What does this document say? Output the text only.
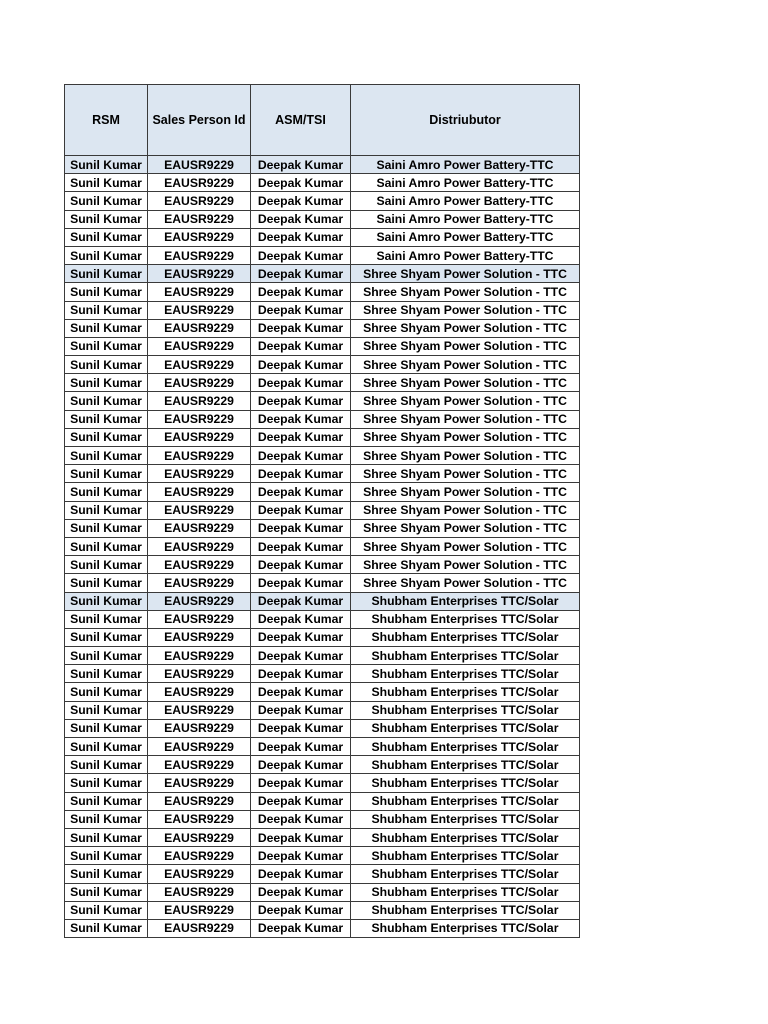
RSM	Sales Person Id	ASM/TSI	Distriubutor
Sunil Kumar	EAUSR9229	Deepak Kumar	Saini Amro Power Battery-TTC
Sunil Kumar	EAUSR9229	Deepak Kumar	Saini Amro Power Battery-TTC
Sunil Kumar	EAUSR9229	Deepak Kumar	Saini Amro Power Battery-TTC
Sunil Kumar	EAUSR9229	Deepak Kumar	Saini Amro Power Battery-TTC
Sunil Kumar	EAUSR9229	Deepak Kumar	Saini Amro Power Battery-TTC
Sunil Kumar	EAUSR9229	Deepak Kumar	Saini Amro Power Battery-TTC
Sunil Kumar	EAUSR9229	Deepak Kumar	Shree Shyam Power Solution - TTC
Sunil Kumar	EAUSR9229	Deepak Kumar	Shree Shyam Power Solution - TTC
Sunil Kumar	EAUSR9229	Deepak Kumar	Shree Shyam Power Solution - TTC
Sunil Kumar	EAUSR9229	Deepak Kumar	Shree Shyam Power Solution - TTC
Sunil Kumar	EAUSR9229	Deepak Kumar	Shree Shyam Power Solution - TTC
Sunil Kumar	EAUSR9229	Deepak Kumar	Shree Shyam Power Solution - TTC
Sunil Kumar	EAUSR9229	Deepak Kumar	Shree Shyam Power Solution - TTC
Sunil Kumar	EAUSR9229	Deepak Kumar	Shree Shyam Power Solution - TTC
Sunil Kumar	EAUSR9229	Deepak Kumar	Shree Shyam Power Solution - TTC
Sunil Kumar	EAUSR9229	Deepak Kumar	Shree Shyam Power Solution - TTC
Sunil Kumar	EAUSR9229	Deepak Kumar	Shree Shyam Power Solution - TTC
Sunil Kumar	EAUSR9229	Deepak Kumar	Shree Shyam Power Solution - TTC
Sunil Kumar	EAUSR9229	Deepak Kumar	Shree Shyam Power Solution - TTC
Sunil Kumar	EAUSR9229	Deepak Kumar	Shree Shyam Power Solution - TTC
Sunil Kumar	EAUSR9229	Deepak Kumar	Shree Shyam Power Solution - TTC
Sunil Kumar	EAUSR9229	Deepak Kumar	Shree Shyam Power Solution - TTC
Sunil Kumar	EAUSR9229	Deepak Kumar	Shree Shyam Power Solution - TTC
Sunil Kumar	EAUSR9229	Deepak Kumar	Shree Shyam Power Solution - TTC
Sunil Kumar	EAUSR9229	Deepak Kumar	Shubham Enterprises TTC/Solar
Sunil Kumar	EAUSR9229	Deepak Kumar	Shubham Enterprises TTC/Solar
Sunil Kumar	EAUSR9229	Deepak Kumar	Shubham Enterprises TTC/Solar
Sunil Kumar	EAUSR9229	Deepak Kumar	Shubham Enterprises TTC/Solar
Sunil Kumar	EAUSR9229	Deepak Kumar	Shubham Enterprises TTC/Solar
Sunil Kumar	EAUSR9229	Deepak Kumar	Shubham Enterprises TTC/Solar
Sunil Kumar	EAUSR9229	Deepak Kumar	Shubham Enterprises TTC/Solar
Sunil Kumar	EAUSR9229	Deepak Kumar	Shubham Enterprises TTC/Solar
Sunil Kumar	EAUSR9229	Deepak Kumar	Shubham Enterprises TTC/Solar
Sunil Kumar	EAUSR9229	Deepak Kumar	Shubham Enterprises TTC/Solar
Sunil Kumar	EAUSR9229	Deepak Kumar	Shubham Enterprises TTC/Solar
Sunil Kumar	EAUSR9229	Deepak Kumar	Shubham Enterprises TTC/Solar
Sunil Kumar	EAUSR9229	Deepak Kumar	Shubham Enterprises TTC/Solar
Sunil Kumar	EAUSR9229	Deepak Kumar	Shubham Enterprises TTC/Solar
Sunil Kumar	EAUSR9229	Deepak Kumar	Shubham Enterprises TTC/Solar
Sunil Kumar	EAUSR9229	Deepak Kumar	Shubham Enterprises TTC/Solar
Sunil Kumar	EAUSR9229	Deepak Kumar	Shubham Enterprises TTC/Solar
Sunil Kumar	EAUSR9229	Deepak Kumar	Shubham Enterprises TTC/Solar
Sunil Kumar	EAUSR9229	Deepak Kumar	Shubham Enterprises TTC/Solar
